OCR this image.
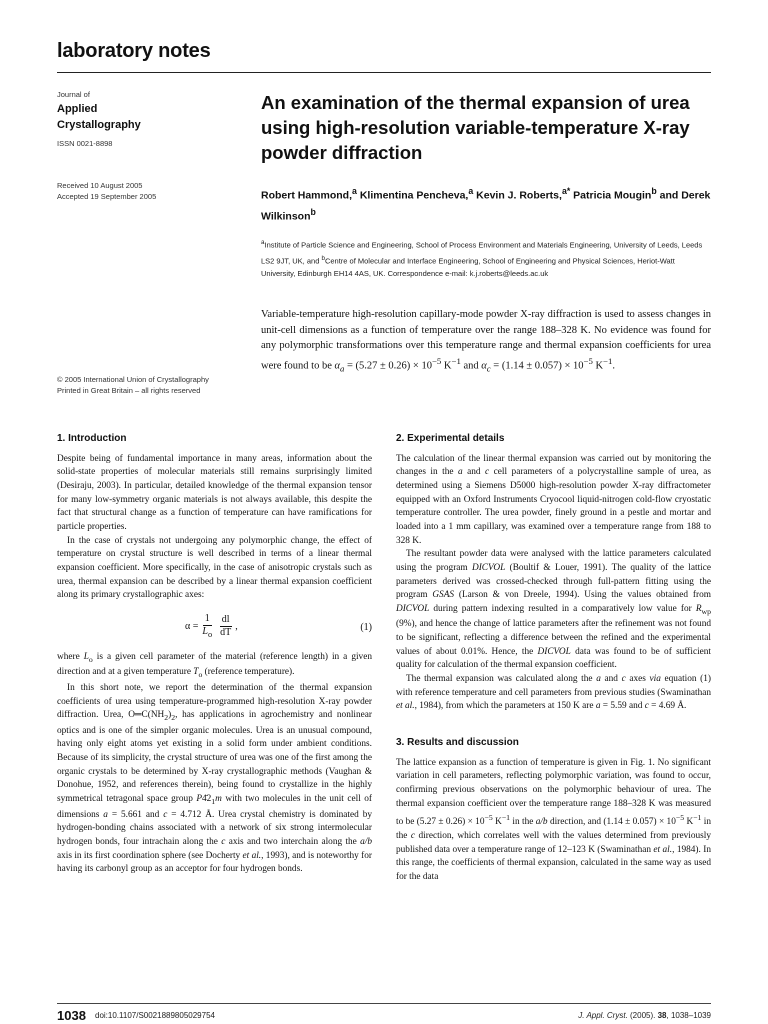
laboratory notes
Journal of
Applied
Crystallography
ISSN 0021-8898
Received 10 August 2005
Accepted 19 September 2005
© 2005 International Union of Crystallography
Printed in Great Britain – all rights reserved
An examination of the thermal expansion of urea using high-resolution variable-temperature X-ray powder diffraction
Robert Hammond,$^a$ Klimentina Pencheva,$^a$ Kevin J. Roberts,$^{a*}$ Patricia Mougin$^b$ and Derek Wilkinson$^b$
$^a$Institute of Particle Science and Engineering, School of Process Environment and Materials Engineering, University of Leeds, Leeds LS2 9JT, UK, and $^b$Centre of Molecular and Interface Engineering, School of Engineering and Physical Sciences, Heriot-Watt University, Edinburgh EH14 4AS, UK. Correspondence e-mail: k.j.roberts@leeds.ac.uk
Variable-temperature high-resolution capillary-mode powder X-ray diffraction is used to assess changes in unit-cell dimensions as a function of temperature over the range 188–328 K. No evidence was found for any polymorphic transformations over this temperature range and thermal expansion coefficients for urea were found to be $\alpha_a = (5.27 \pm 0.26) \times 10^{-5}$ $K^{-1}$ and $\alpha_c = (1.14 \pm 0.057) \times 10^{-5}$ $K^{-1}$.
1. Introduction

Despite being of fundamental importance in many areas, information about the solid-state properties of molecular materials still remains surprisingly limited (Desiraju, 2003). In particular, detailed knowledge of the thermal expansion tensor for many low-symmetry organic materials is not always available, this despite the fact that structural change as a function of temperature can have ramifications for particle properties.

In the case of crystals not undergoing any polymorphic change, the effect of temperature on crystal structure is well described in terms of a linear thermal expansion coefficient. More specifically, in the case of anisotropic crystals such as urea, thermal expansion can be described by a linear thermal expansion coefficient along its primary crystallographic axes:

$\alpha = \frac{1}{L_o} \frac{dl}{dT}$ ,	(1)

where $L_o$ is a given cell parameter of the material (reference length) in a given direction and at a given temperature $T_o$ (reference temperature).

In this short note, we report the determination of the thermal expansion coefficients of urea using temperature-programmed high-resolution X-ray powder diffraction. Urea, $O═C(NH_2)_2$, has applications in agrochemistry and nonlinear optics and is one of the simpler organic molecules. Urea is an unusual compound, having only eight atoms yet existing in a solid form under ambient conditions. Because of its simplicity, the crystal structure of urea was one of the first among the organic crystals to be determined by X-ray crystallographic methods (Vaughan & Donohue, 1952, and references therein), being found to crystallize in the highly symmetrical tetragonal space group $P4̄2_1m$ with two molecules in the unit cell of dimensions a = 5.661 and c = 4.712 Å. Urea crystal chemistry is dominated by hydrogen-bonding chains associated with a network of six strong intermolecular hydrogen bonds, four intrachain along the c axis and two interchain along the a/b axis in its first coordination sphere (see Docherty et al., 1993), and is noteworthy for having its carbonyl group as an acceptor for four hydrogen bonds.

2. Experimental details

The calculation of the linear thermal expansion was carried out by monitoring the changes in the a and c cell parameters of a polycrystalline sample of urea, as determined using a Siemens D5000 high-resolution powder X-ray diffractometer equipped with an Oxford Instruments Cryocool liquid-nitrogen cold-flow cryostatic temperature controller. The urea powder, finely ground in a pestle and mortar and loaded into a 1 mm capillary, was examined over a temperature range from 188 to 328 K.

The resultant powder data were analysed with the lattice parameters calculated using the program DICVOL (Boultif & Louer, 1991). The quality of the lattice parameters derived was crossed-checked through full-pattern fitting using the program GSAS (Larson & von Dreele, 1994). Using the values obtained from DICVOL during pattern indexing resulted in a comparatively low value for $R_{wp}$ (9%), and hence the change of lattice parameters after the refinement was not found to be significant, reflecting a difference between the refined and the experimental values of about 0.01%. Hence, the DICVOL data was found to be of sufficient quality for calculation of the thermal expansion coefficient.

The thermal expansion was calculated along the a and c axes via equation (1) with reference temperature and cell parameters from previous studies (Swaminathan et al., 1984), from which the parameters at 150 K are a = 5.59 and c = 4.69 Å.

3. Results and discussion

The lattice expansion as a function of temperature is given in Fig. 1. No significant variation in cell parameters, reflecting polymorphic variation, was found to occur, confirming previous observations on the polymorphic behaviour of urea. The thermal expansion coefficient over the temperature range 188–328 K was measured to be $(5.27 \pm 0.26) \times 10^{-5}$ $K^{-1}$ in the a/b direction, and $(1.14 \pm 0.057) \times 10^{-5}$ $K^{-1}$ in the c direction, which correlates well with the values determined from previously published data over a temperature range of 12–123 K (Swaminathan et al., 1984). In this range, the coefficients of thermal expansion, calculated in the same way as used for the data

1038 doi:10.1107/S0021889805029754	J. Appl. Cryst. (2005). 38, 1038–1039
